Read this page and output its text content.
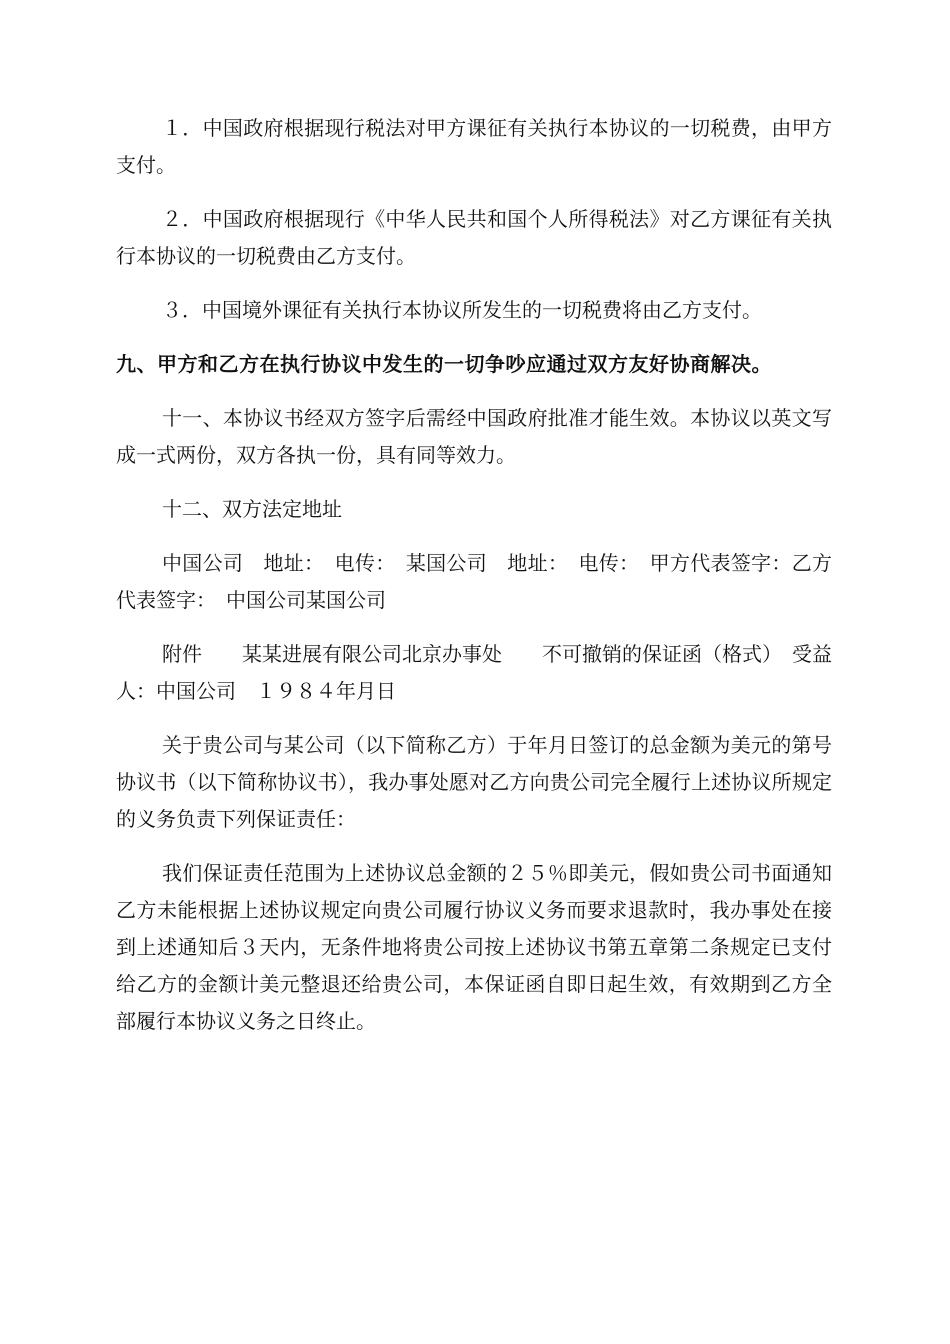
１．中国政府根据现行税法对甲方课征有关执行本协议的一切税费，由甲方支付。

２．中国政府根据现行《中华人民共和国个人所得税法》对乙方课征有关执行本协议的一切税费由乙方支付。

３．中国境外课征有关执行本协议所发生的一切税费将由乙方支付。

九、甲方和乙方在执行协议中发生的一切争吵应通过双方友好协商解决。

十一、本协议书经双方签字后需经中国政府批准才能生效。本协议以英文写成一式两份，双方各执一份，具有同等效力。

十二、双方法定地址

中国公司　地址：　电传：　某国公司　地址：　电传：　甲方代表签字：乙方代表签字：　中国公司某国公司

附件　　某某进展有限公司北京办事处　　不可撤销的保证函（格式）　受益人：中国公司　１９８４年月日

关于贵公司与某公司（以下简称乙方）于年月日签订的总金额为美元的第号协议书（以下简称协议书），我办事处愿对乙方向贵公司完全履行上述协议所规定的义务负责下列保证责任：

我们保证责任范围为上述协议总金额的２５％即美元，假如贵公司书面通知乙方未能根据上述协议规定向贵公司履行协议义务而要求退款时，我办事处在接到上述通知后３天内，无条件地将贵公司按上述协议书第五章第二条规定已支付给乙方的金额计美元整退还给贵公司，本保证函自即日起生效，有效期到乙方全部履行本协议义务之日终止。
